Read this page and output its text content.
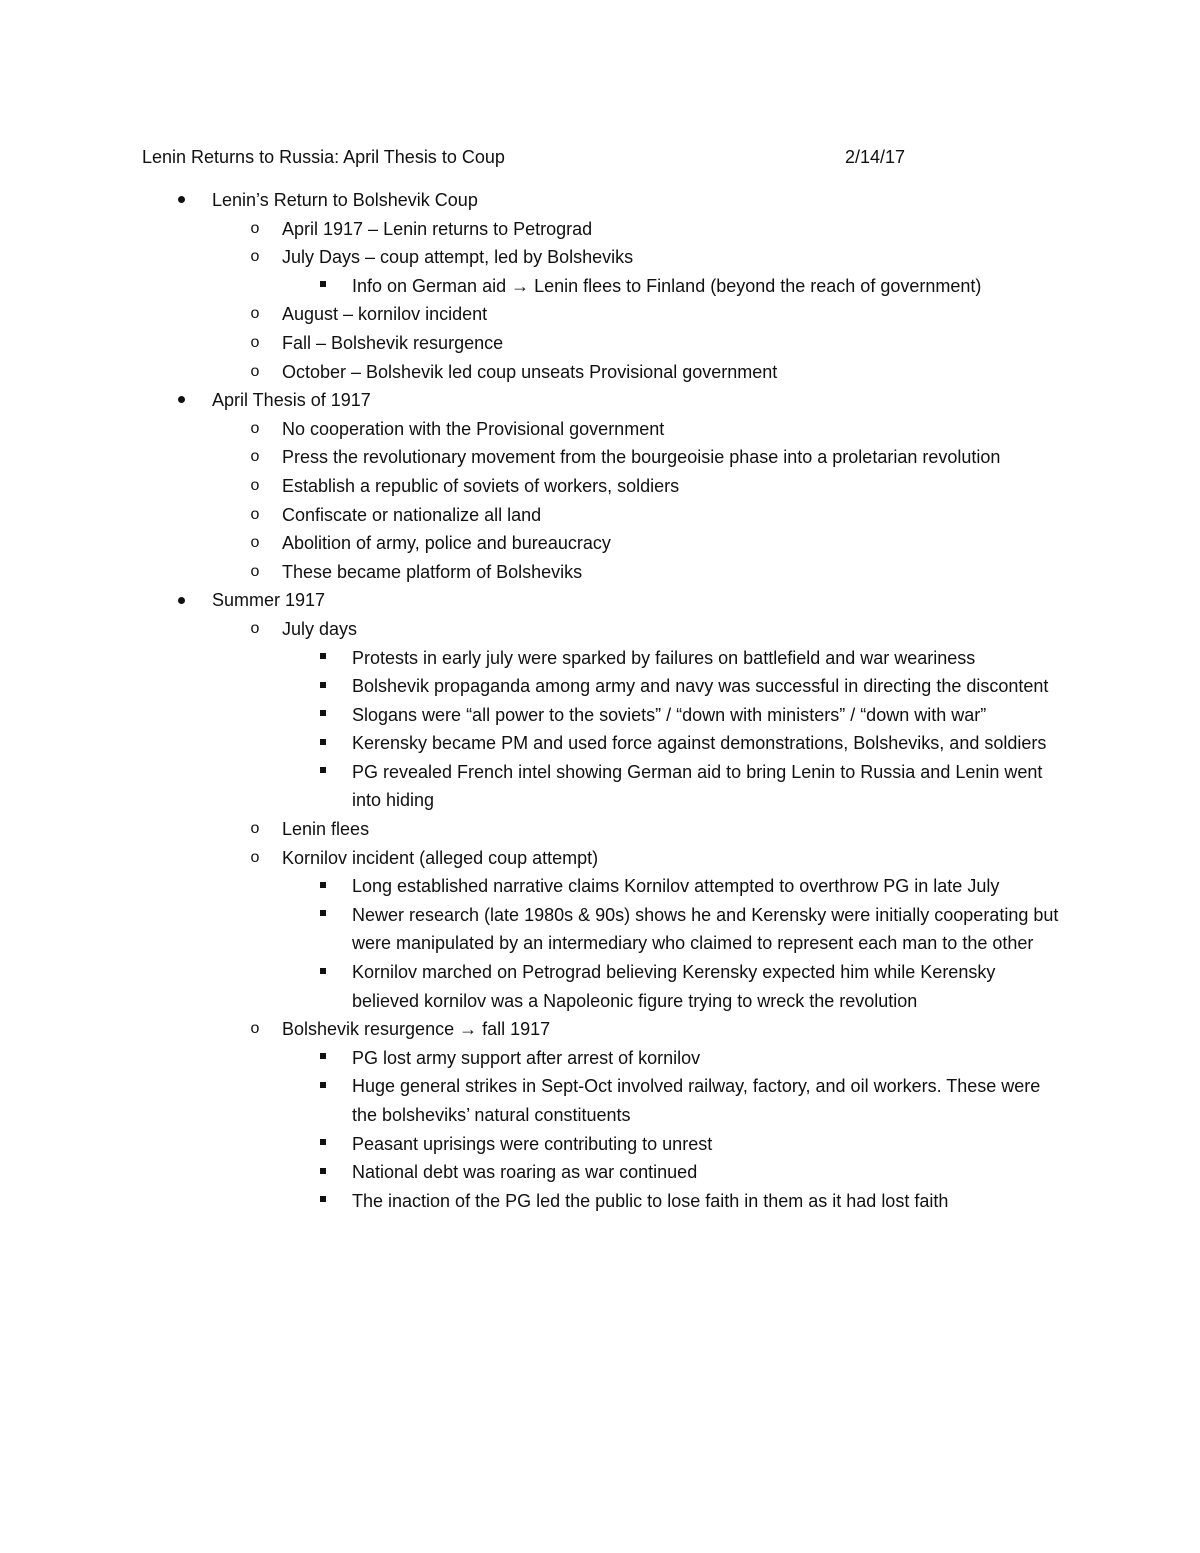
Lenin Returns to Russia: April Thesis to Coup	2/14/17
Lenin’s Return to Bolshevik Coup
o	April 1917 – Lenin returns to Petrograd
o	July Days – coup attempt, led by Bolsheviks
Info on German aid → Lenin flees to Finland (beyond the reach of government)
o	August – kornilov incident
o	Fall – Bolshevik resurgence
o	October – Bolshevik led coup unseats Provisional government
April Thesis of 1917
o	No cooperation with the Provisional government
o	Press the revolutionary movement from the bourgeoisie phase into a proletarian revolution
o	Establish a republic of soviets of workers, soldiers
o	Confiscate or nationalize all land
o	Abolition of army, police and bureaucracy
o	These became platform of Bolsheviks
Summer 1917
o	July days
Protests in early july were sparked by failures on battlefield and war weariness
Bolshevik propaganda among army and navy was successful in directing the discontent
Slogans were “all power to the soviets” / “down with ministers” / “down with war”
Kerensky became PM and used force against demonstrations, Bolsheviks, and soldiers
PG revealed French intel showing German aid to bring Lenin to Russia and Lenin went into hiding
o	Lenin flees
o	Kornilov incident (alleged coup attempt)
Long established narrative claims Kornilov attempted to overthrow PG in late July
Newer research (late 1980s & 90s) shows he and Kerensky were initially cooperating but were manipulated by an intermediary who claimed to represent each man to the other
Kornilov marched on Petrograd believing Kerensky expected him while Kerensky believed kornilov was a Napoleonic figure trying to wreck the revolution
o	Bolshevik resurgence → fall 1917
PG lost army support after arrest of kornilov
Huge general strikes in Sept-Oct involved railway, factory, and oil workers. These were the bolsheviks’ natural constituents
Peasant uprisings were contributing to unrest
National debt was roaring as war continued
The inaction of the PG led the public to lose faith in them as it had lost faith
